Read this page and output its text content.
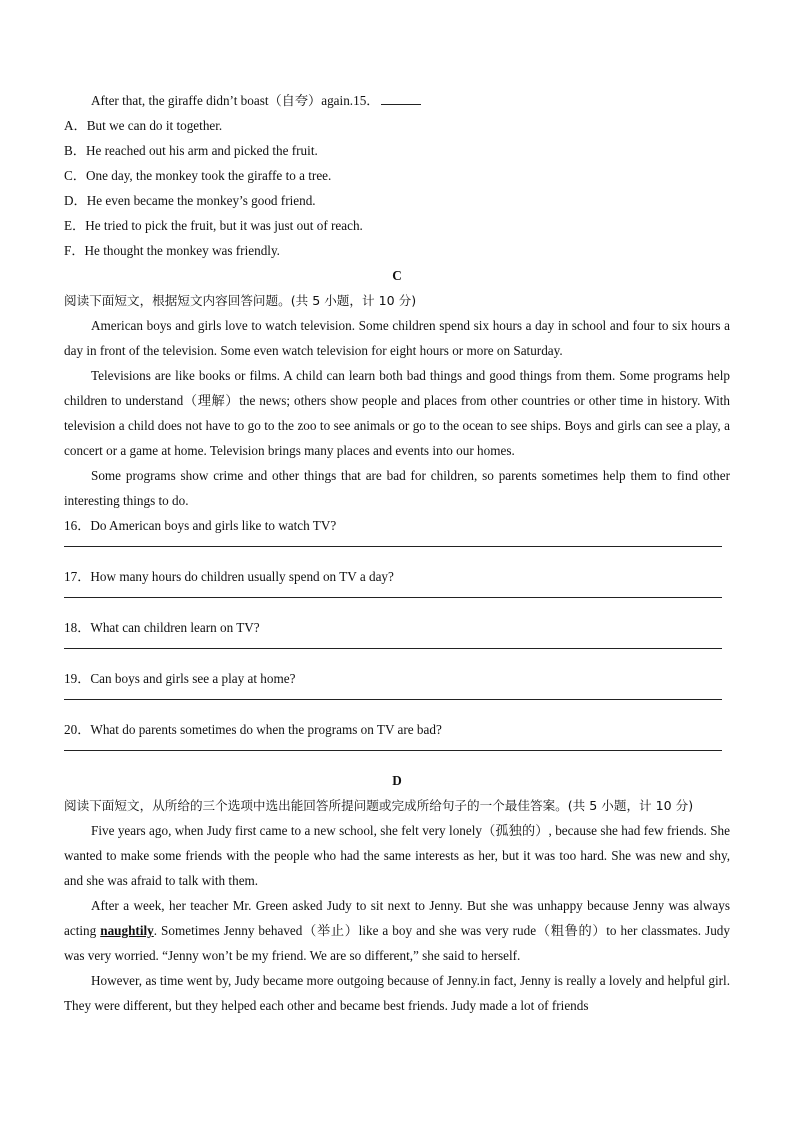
After that, the giraffe didn’t boast（自夸）again.15．
A．But we can do it together.
B．He reached out his arm and picked the fruit.
C．One day, the monkey took the giraffe to a tree.
D．He even became the monkey’s good friend.
E．He tried to pick the fruit, but it was just out of reach.
F．He thought the monkey was friendly.
C
阅读下面短文，根据短文内容回答问题。(共 5 小题，计 10 分)

American boys and girls love to watch television. Some children spend six hours a day in school and four to six hours a day in front of the television. Some even watch television for eight hours or more on Saturday.

Televisions are like books or films. A child can learn both bad things and good things from them. Some programs help children to understand（理解）the news; others show people and places from other countries or other time in history. With television a child does not have to go to the zoo to see animals or go to the ocean to see ships. Boys and girls can see a play, a concert or a game at home. Television brings many places and events into our homes.

Some programs show crime and other things that are bad for children, so parents sometimes help them to find other interesting things to do.

16．Do American boys and girls like to watch TV?
17．How many hours do children usually spend on TV a day?
18．What can children learn on TV?
19．Can boys and girls see a play at home?
20．What do parents sometimes do when the programs on TV are bad?
D
阅读下面短文，从所给的三个选项中选出能回答所提问题或完成所给句子的一个最佳答案。(共 5 小题，计 10 分)

Five years ago, when Judy first came to a new school, she felt very lonely（孤独的）, because she had few friends. She wanted to make some friends with the people who had the same interests as her, but it was too hard. She was new and shy, and she was afraid to talk with them.

After a week, her teacher Mr. Green asked Judy to sit next to Jenny. But she was unhappy because Jenny was always acting naughtily. Sometimes Jenny behaved（举止）like a boy and she was very rude（粗鲁的）to her classmates. Judy was very worried. “Jenny won’t be my friend. We are so different,” she said to herself.

However, as time went by, Judy became more outgoing because of Jenny.in fact, Jenny is really a lovely and helpful girl. They were different, but they helped each other and became best friends. Judy made a lot of friends
